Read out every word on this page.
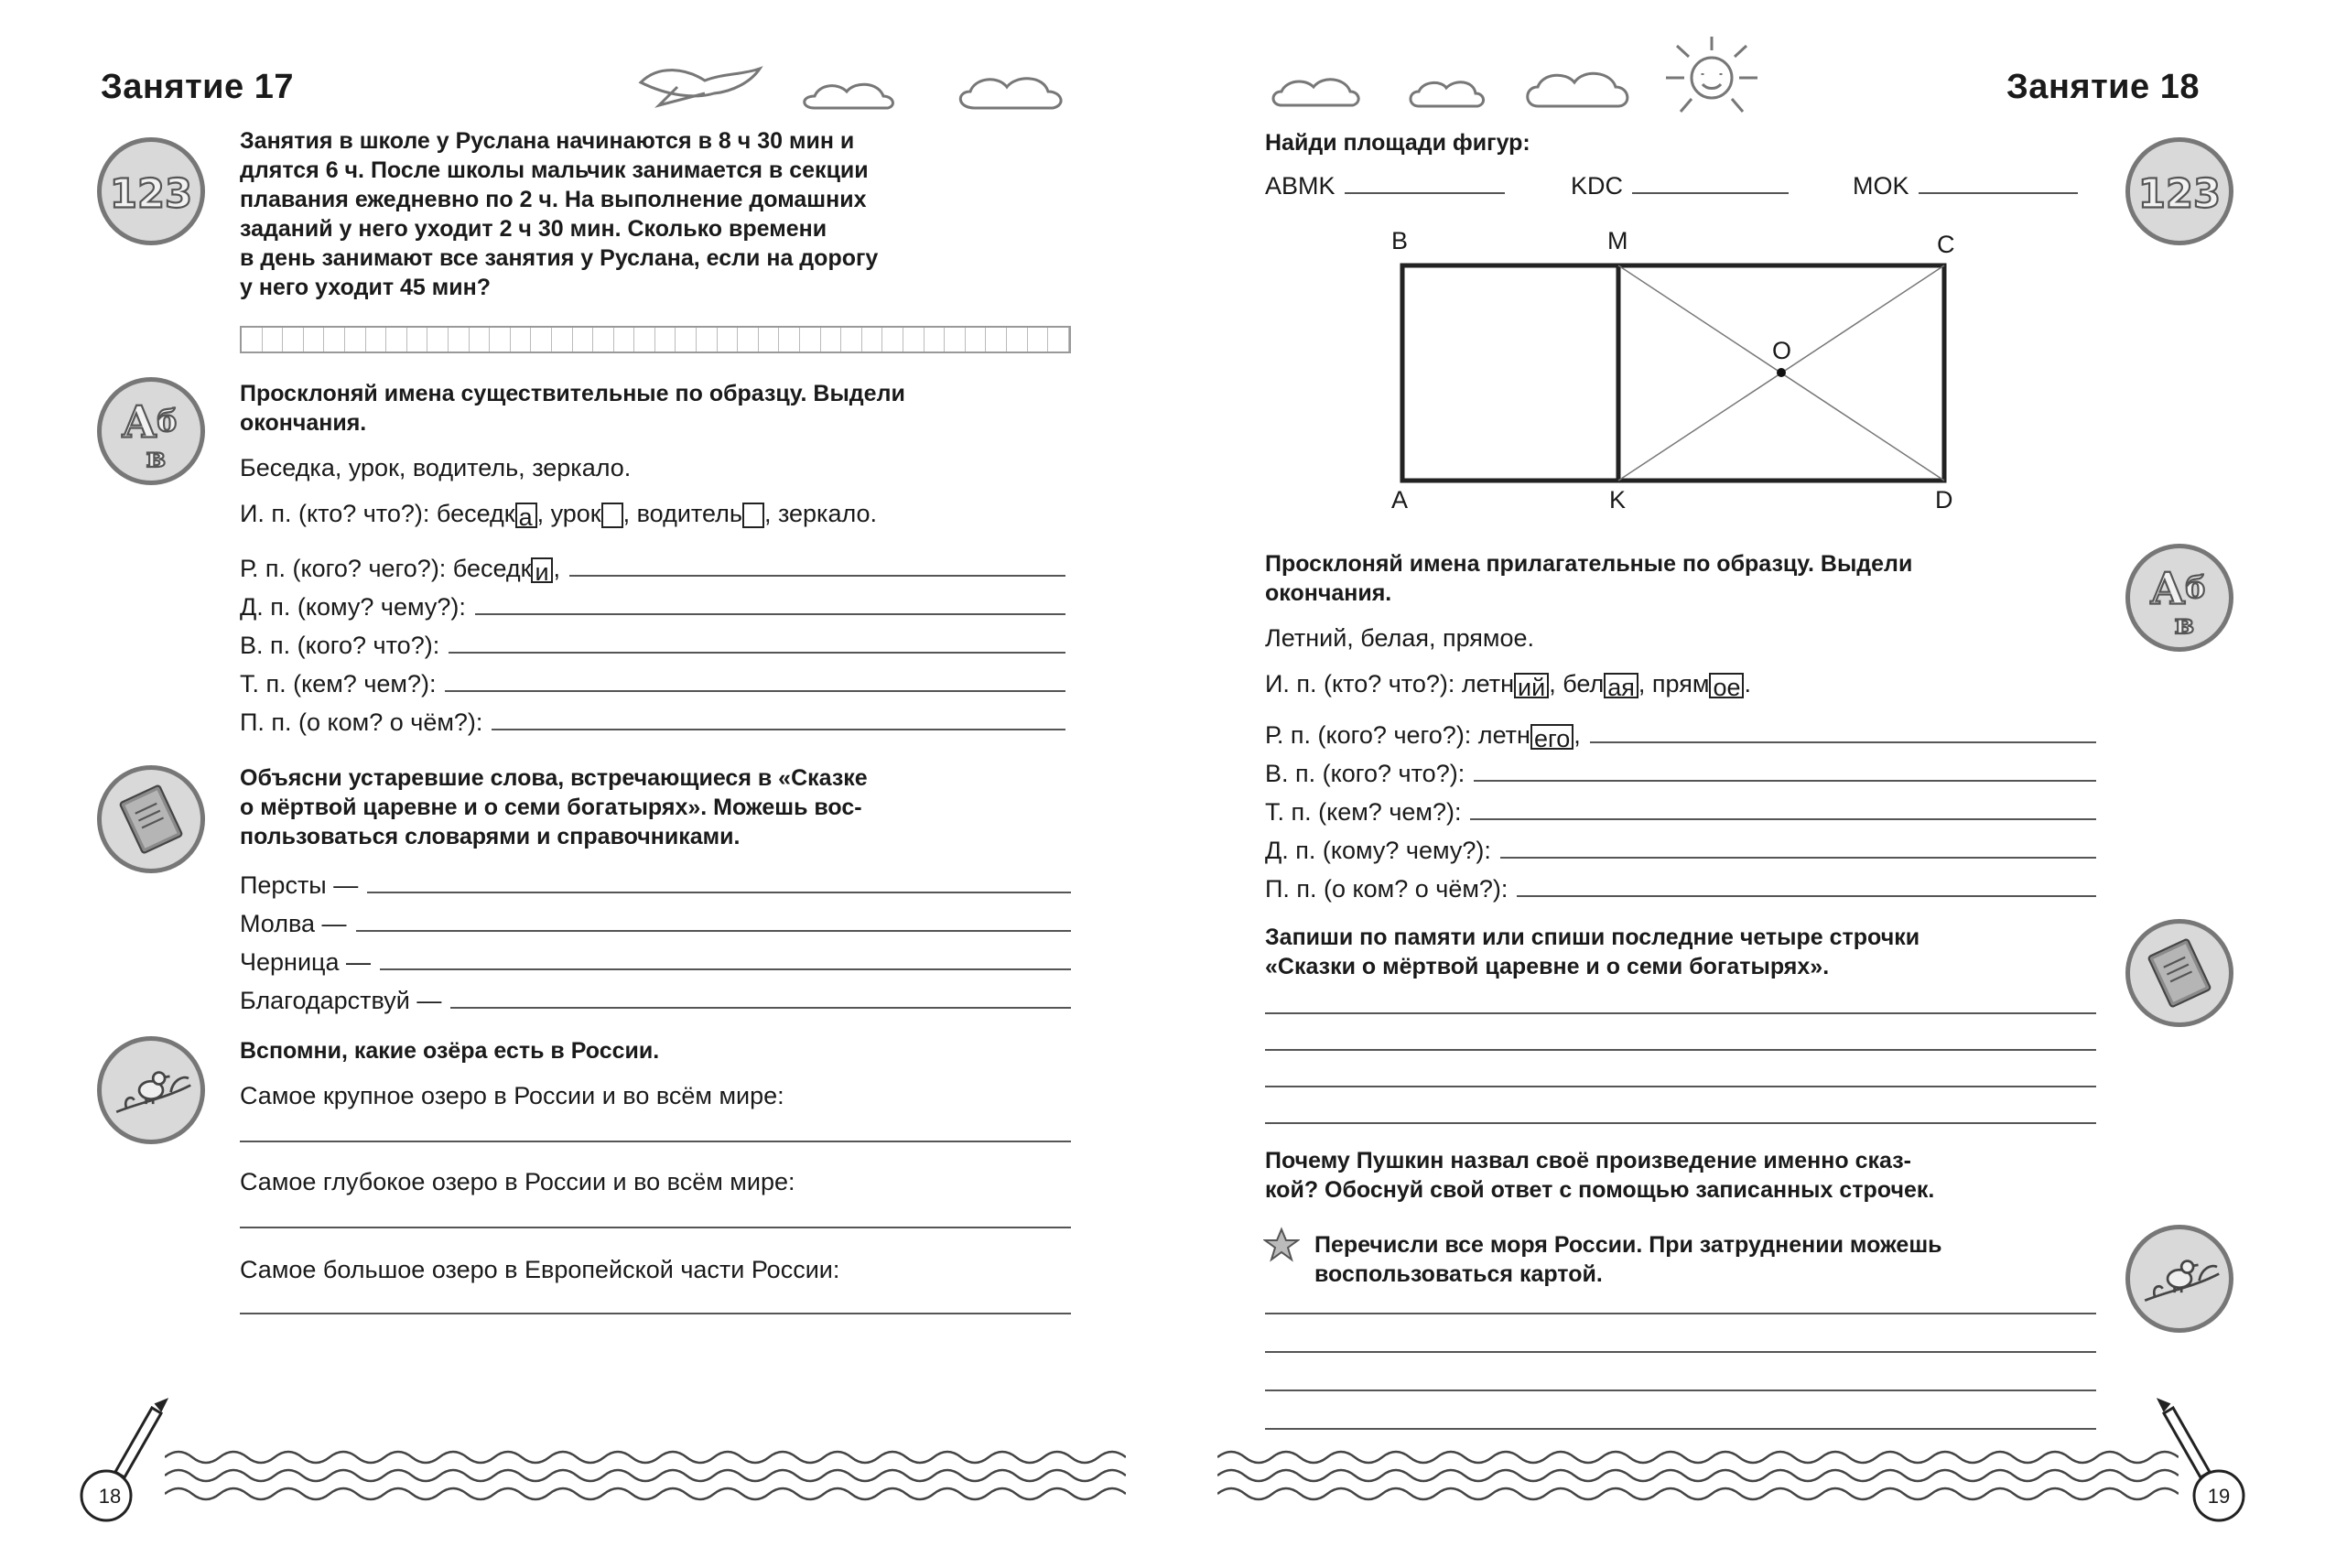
Занятие 17
123

Занятия в школе у Руслана начинаются в 8 ч 30 мин и

длятся 6 ч. После школы мальчик занимается в секции

плавания ежедневно по 2 ч. На выполнение домашних

заданий у него уходит 2 ч 30 мин. Сколько времени

в день занимают все занятия у Руслана, если на дорогу

у него уходит 45 мин?

А б
в

Просклоняй имена существительные по образцу. Выдели

окончания.

Беседка, урок, водитель, зеркало.
И. п. (кто? что?): беседк а , урок , водитель , зеркало.
Р. п. (кого? чего?): беседк и ,
Д. п. (кому? чему?):
В. п. (кого? что?):
Т. п. (кем? чем?):
П. п. (о ком? о чём?):

Объясни устаревшие слова, встречающиеся в «Сказке

о мёртвой царевне и о семи богатырях». Можешь вос-

пользоваться словарями и справочниками.

Персты —
Молва —
Черница —
Благодарствуй —
Вспомни, какие озёра есть в России.
Самое крупное озеро в России и во всём мире:
Самое глубокое озеро в России и во всём мире:
Самое большое озеро в Европейской части России:
18
Занятие 18
123
Найди площади фигур:
ABMK	KDC	MOK
B	M	C
A	K	D
O

Просклоняй имена прилагательные по образцу. Выдели

окончания.	А б
в
Летний, белая, прямое.
И. п. (кто? что?): летн ий , бел ая , прям ое .
Р. п. (кого? чего?): летн его ,
В. п. (кого? что?):
Т. п. (кем? чем?):
Д. п. (кому? чему?):
П. п. (о ком? о чём?):

Запиши по памяти или спиши последние четыре строчки

«Сказки о мёртвой царевне и о семи богатырях».

Почему Пушкин назвал своё произведение именно сказ-

кой? Обоснуй свой ответ с помощью записанных строчек.

Перечисли все моря России. При затруднении можешь

воспользоваться картой.

19
